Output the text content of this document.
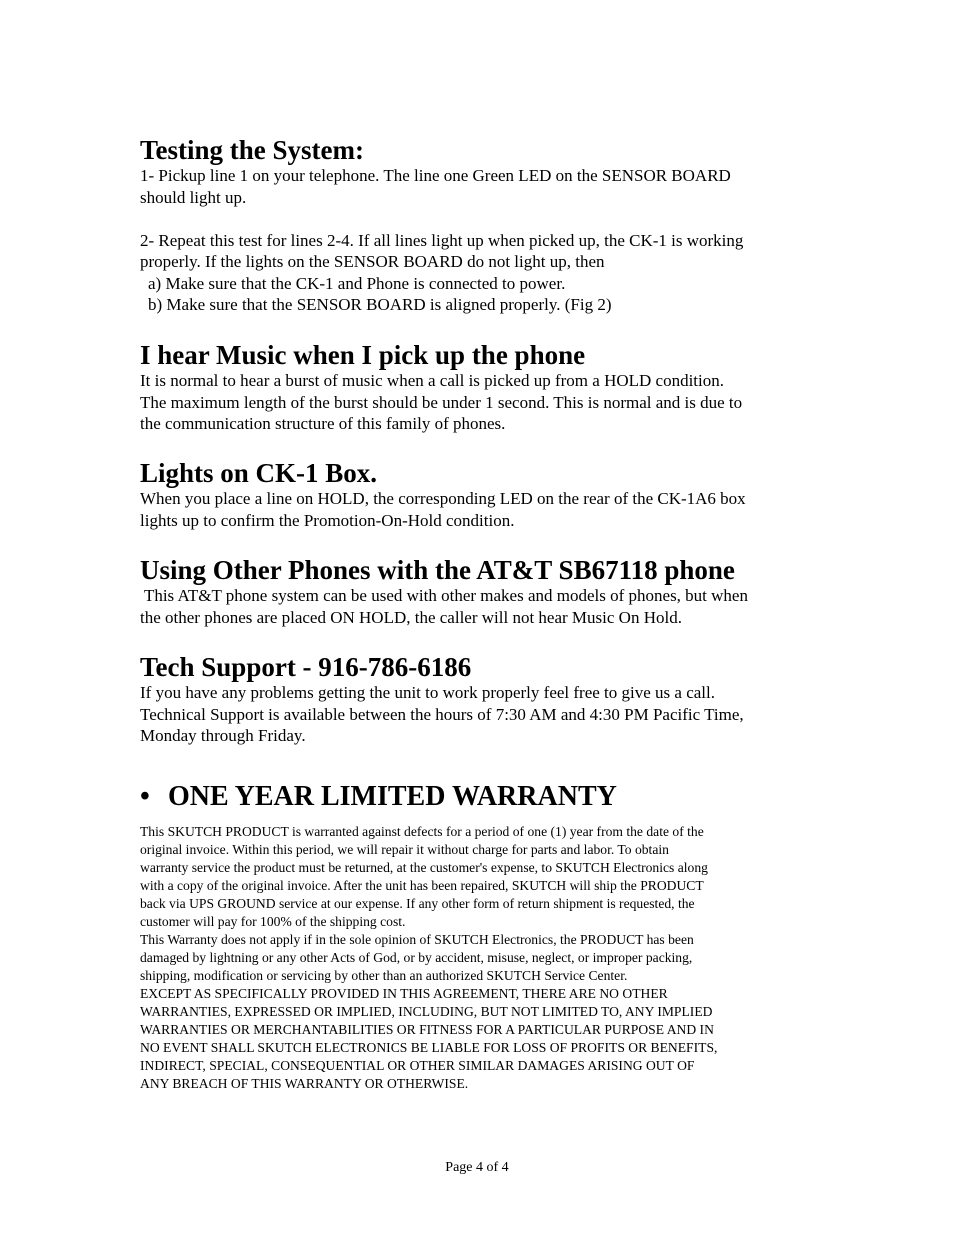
Testing the System:

1- Pickup line 1 on your telephone. The line one Green LED on the SENSOR BOARD

should light up.

2- Repeat this test for lines 2-4. If all lines light up when picked up, the CK-1 is working

properly. If the lights on the SENSOR BOARD do not light up, then

a) Make sure that the CK-1 and Phone is connected to power.

b) Make sure that the SENSOR BOARD is aligned properly. (Fig 2)

I hear Music when I pick up the phone

It is normal to hear a burst of music when a call is picked up from a HOLD condition.

The maximum length of the burst should be under 1 second. This is normal and is due to

the communication structure of this family of phones.

Lights on CK-1 Box.

When you place a line on HOLD, the corresponding LED on the rear of the CK-1A6 box

lights up to confirm the Promotion-On-Hold condition.

Using Other Phones with the AT&T SB67118 phone

This AT&T phone system can be used with other makes and models of phones, but when

the other phones are placed ON HOLD, the caller will not hear Music On Hold.

Tech Support - 916-786-6186

If you have any problems getting the unit to work properly feel free to give us a call.

Technical Support is available between the hours of 7:30 AM and 4:30 PM Pacific Time,

Monday through Friday.

• ONE YEAR LIMITED WARRANTY

This SKUTCH PRODUCT is warranted against defects for a period of one (1) year from the date of the

original invoice. Within this period, we will repair it without charge for parts and labor. To obtain

warranty service the product must be returned, at the customer's expense, to SKUTCH Electronics along

with a copy of the original invoice. After the unit has been repaired, SKUTCH will ship the PRODUCT

back via UPS GROUND service at our expense. If any other form of return shipment is requested, the

customer will pay for 100% of the shipping cost.

This Warranty does not apply if in the sole opinion of SKUTCH Electronics, the PRODUCT has been

damaged by lightning or any other Acts of God, or by accident, misuse, neglect, or improper packing,

shipping, modification or servicing by other than an authorized SKUTCH Service Center.

EXCEPT AS SPECIFICALLY PROVIDED IN THIS AGREEMENT, THERE ARE NO OTHER

WARRANTIES, EXPRESSED OR IMPLIED, INCLUDING, BUT NOT LIMITED TO, ANY IMPLIED

WARRANTIES OR MERCHANTABILITIES OR FITNESS FOR A PARTICULAR PURPOSE AND IN

NO EVENT SHALL SKUTCH ELECTRONICS BE LIABLE FOR LOSS OF PROFITS OR BENEFITS,

INDIRECT, SPECIAL, CONSEQUENTIAL OR OTHER SIMILAR DAMAGES ARISING OUT OF

ANY BREACH OF THIS WARRANTY OR OTHERWISE.

Page 4 of 4
